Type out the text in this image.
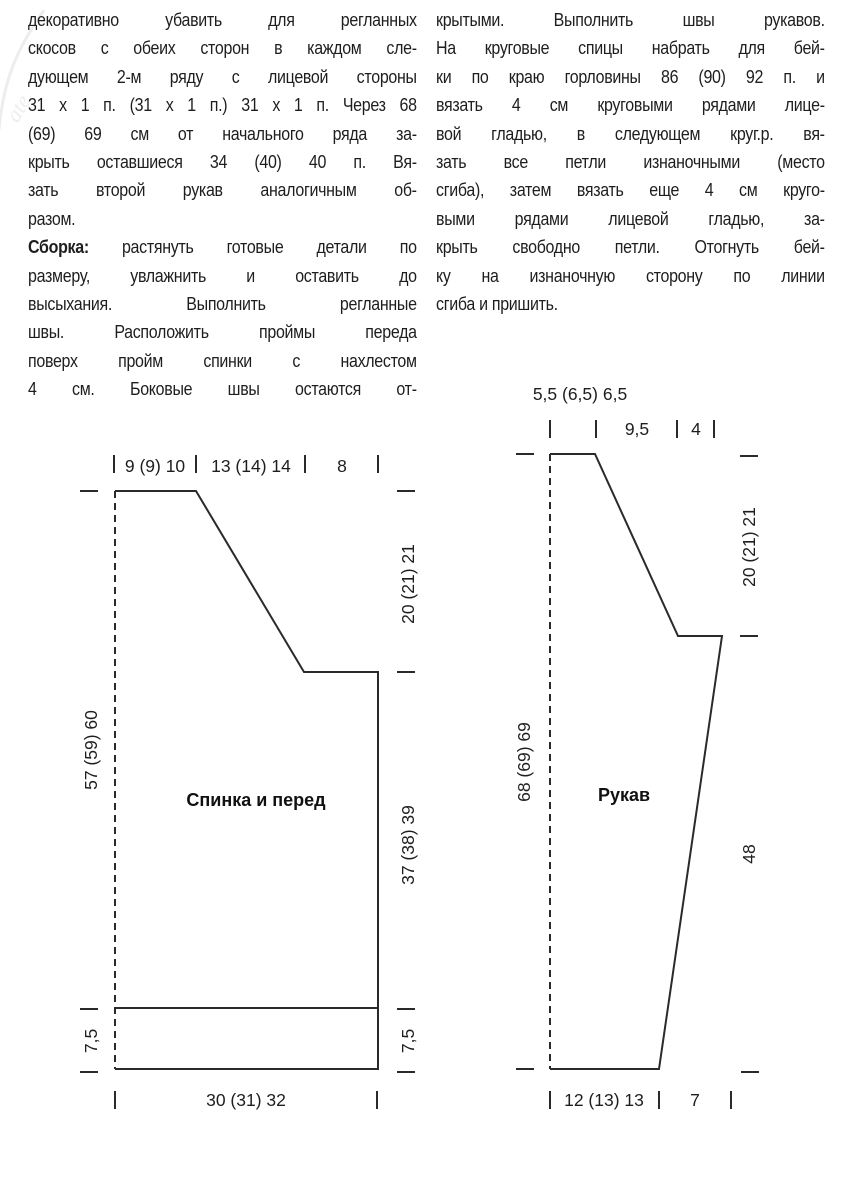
ate
декоративно убавить для регланных
скосов с обеих сторон в каждом сле-
дующем 2-м ряду с лицевой стороны
31 х 1 п. (31 х 1 п.) 31 х 1 п. Через 68
(69) 69 см от начального ряда за-
крыть оставшиеся 34 (40) 40 п. Вя-
зать второй рукав аналогичным об-
разом.
Сборка: растянуть готовые детали по
размеру, увлажнить и оставить до
высыхания. Выполнить регланные
швы. Расположить проймы переда
поверх пройм спинки с нахлестом
4 см. Боковые швы остаются от-
крытыми. Выполнить швы рукавов.
На круговые спицы набрать для бей-
ки по краю горловины 86 (90) 92 п. и
вязать 4 см круговыми рядами лице-
вой гладью, в следующем круг.р. вя-
зать все петли изнаночными (место
сгиба), затем вязать еще 4 см круго-
выми рядами лицевой гладью, за-
крыть свободно петли. Отогнуть бей-
ку на изнаночную сторону по линии
сгиба и пришить.
9 (9) 10 13 (14) 14	8
57 (59) 60
7,5
20 (21) 21
37 (38) 39
7,5
30 (31) 32
Спинка и перед
5,5 (6,5) 6,5
9,5 4
68 (69) 69
20 (21) 21
48
12 (13) 13	7
Рукав
